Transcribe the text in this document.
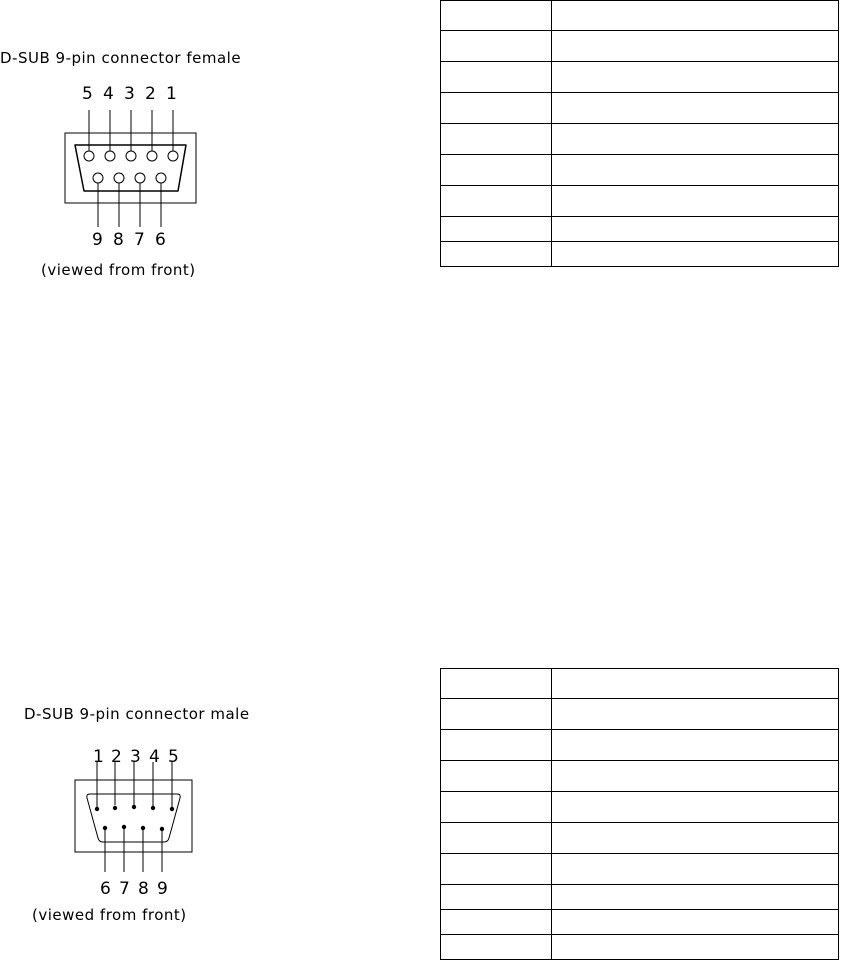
D-SUB 9-pin connector female
5 4 3 2 1
9 8 7 6
(viewed from front)

D-SUB 9-pin connector male
1 2 3 4 5
6 7 8 9
(viewed from front)
